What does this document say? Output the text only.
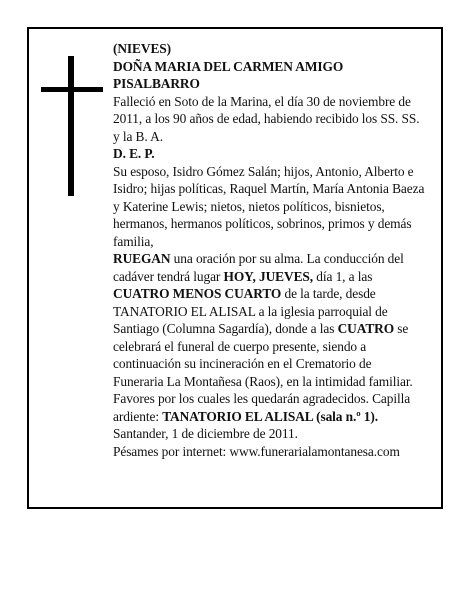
(NIEVES)

DOÑA MARIA DEL CARMEN AMIGO PISALBARRO

Falleció en Soto de la Marina, el día 30 de noviembre de 2011, a los 90 años de edad, habiendo recibido los SS. SS. y la B. A.

D. E. P.

Su esposo, Isidro Gómez Salán; hijos, Antonio, Alberto e Isidro; hijas políticas, Raquel Martín, María Antonia Baeza y Katerine Lewis; nietos, nietos políticos, bisnietos, hermanos, hermanos políticos, sobrinos, primos y demás familia,

RUEGAN una oración por su alma. La conducción del cadáver tendrá lugar HOY, JUEVES, día 1, a las CUATRO MENOS CUARTO de la tarde, desde TANATORIO EL ALISAL a la iglesia parroquial de Santiago (Columna Sagardía), donde a las CUATRO se celebrará el funeral de cuerpo presente, siendo a continuación su incineración en el Crematorio de Funeraria La Montañesa (Raos), en la intimidad familiar. Favores por los cuales les quedarán agradecidos. Capilla ardiente: TANATORIO EL ALISAL (sala n.º 1).

Santander, 1 de diciembre de 2011.

Pésames por internet: www.funerarialamontanesa.com
